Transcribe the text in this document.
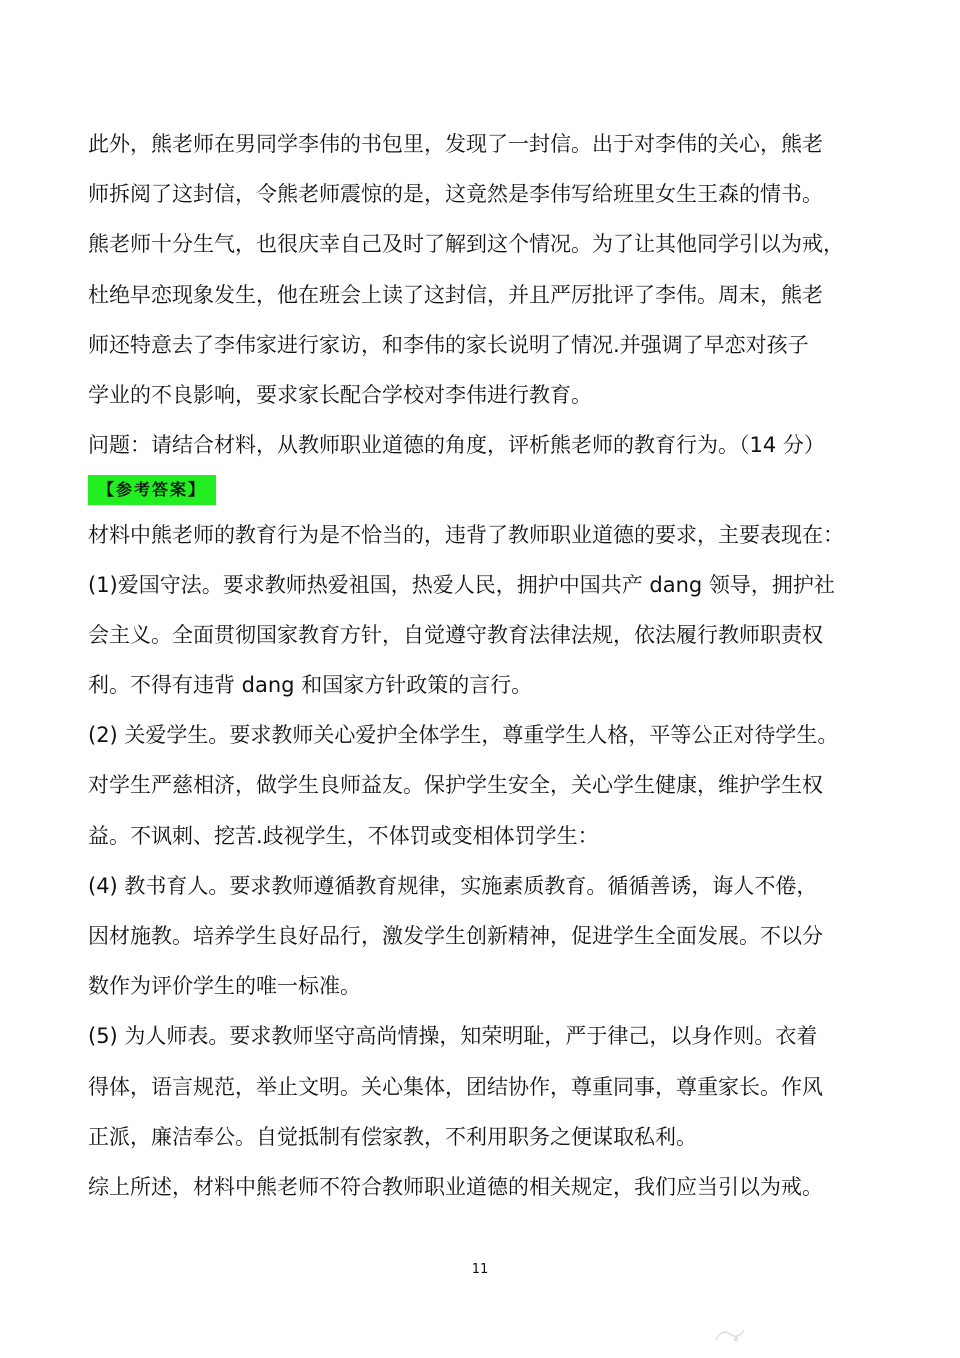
此外，熊老师在男同学李伟的书包里，发现了一封信。出于对李伟的关心，熊老
师拆阅了这封信，令熊老师震惊的是，这竟然是李伟写给班里女生王森的情书。
熊老师十分生气，也很庆幸自己及时了解到这个情况。为了让其他同学引以为戒，
杜绝早恋现象发生，他在班会上读了这封信，并且严厉批评了李伟。周末，熊老
师还特意去了李伟家进行家访，和李伟的家长说明了情况.并强调了早恋对孩子
学业的不良影响，要求家长配合学校对李伟进行教育。
问题：请结合材料，从教师职业道德的角度，评析熊老师的教育行为。（14 分）
【参考答案】
材料中熊老师的教育行为是不恰当的，违背了教师职业道德的要求，主要表现在：
(1)爱国守法。要求教师热爱祖国，热爱人民，拥护中国共产 dang 领导，拥护社
会主义。全面贯彻国家教育方针，自觉遵守教育法律法规，依法履行教师职责权
利。不得有违背 dang 和国家方针政策的言行。
(2) 关爱学生。要求教师关心爱护全体学生，尊重学生人格，平等公正对待学生。
对学生严慈相济，做学生良师益友。保护学生安全，关心学生健康，维护学生权
益。不讽刺、挖苦.歧视学生，不体罚或变相体罚学生：
(4) 教书育人。要求教师遵循教育规律，实施素质教育。循循善诱，诲人不倦，
因材施教。培养学生良好品行，激发学生创新精神，促进学生全面发展。不以分
数作为评价学生的唯一标准。
(5) 为人师表。要求教师坚守高尚情操，知荣明耻，严于律己，以身作则。衣着
得体，语言规范，举止文明。关心集体，团结协作，尊重同事，尊重家长。作风
正派，廉洁奉公。自觉抵制有偿家教，不利用职务之便谋取私利。
综上所述，材料中熊老师不符合教师职业道德的相关规定，我们应当引以为戒。
11
